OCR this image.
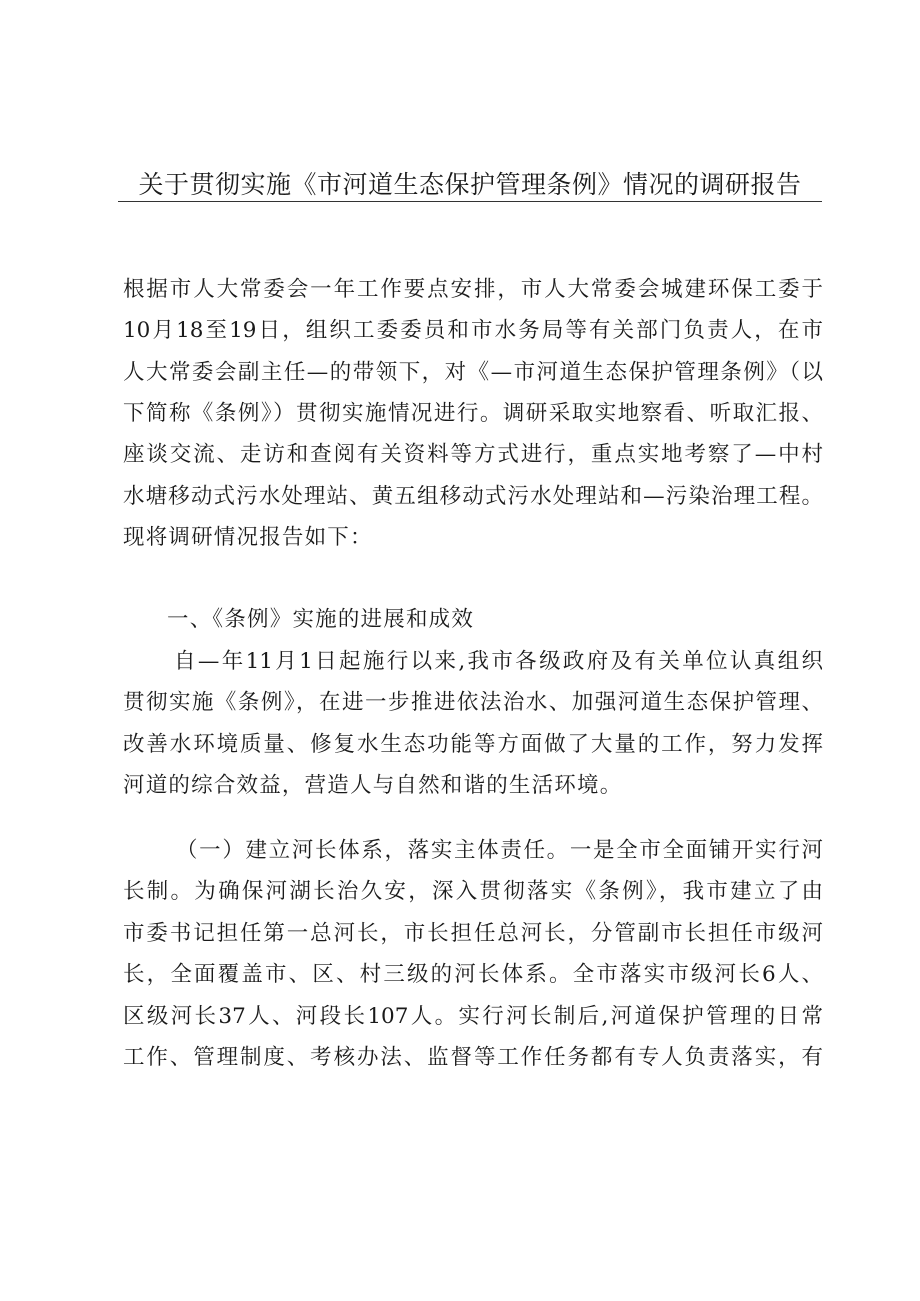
关于贯彻实施《市河道生态保护管理条例》情况的调研报告
根据市人大常委会一年工作要点安排，市人大常委会城建环保工委于
10月18至19日，组织工委委员和市水务局等有关部门负责人，在市
人大常委会副主任—的带领下，对《—市河道生态保护管理条例》（以
下简称《条例》）贯彻实施情况进行。调研采取实地察看、听取汇报、
座谈交流、走访和查阅有关资料等方式进行，重点实地考察了—中村
水塘移动式污水处理站、黄五组移动式污水处理站和—污染治理工程。
现将调研情况报告如下：
一、《条例》实施的进展和成效
自—年11月1日起施行以来,我市各级政府及有关单位认真组织
贯彻实施《条例》，在进一步推进依法治水、加强河道生态保护管理、
改善水环境质量、修复水生态功能等方面做了大量的工作，努力发挥
河道的综合效益，营造人与自然和谐的生活环境。
（一）建立河长体系，落实主体责任。一是全市全面铺开实行河
长制。为确保河湖长治久安，深入贯彻落实《条例》，我市建立了由
市委书记担任第一总河长，市长担任总河长，分管副市长担任市级河
长，全面覆盖市、区、村三级的河长体系。全市落实市级河长6人、
区级河长37人、河段长107人。实行河长制后,河道保护管理的日常
工作、管理制度、考核办法、监督等工作任务都有专人负责落实，有
